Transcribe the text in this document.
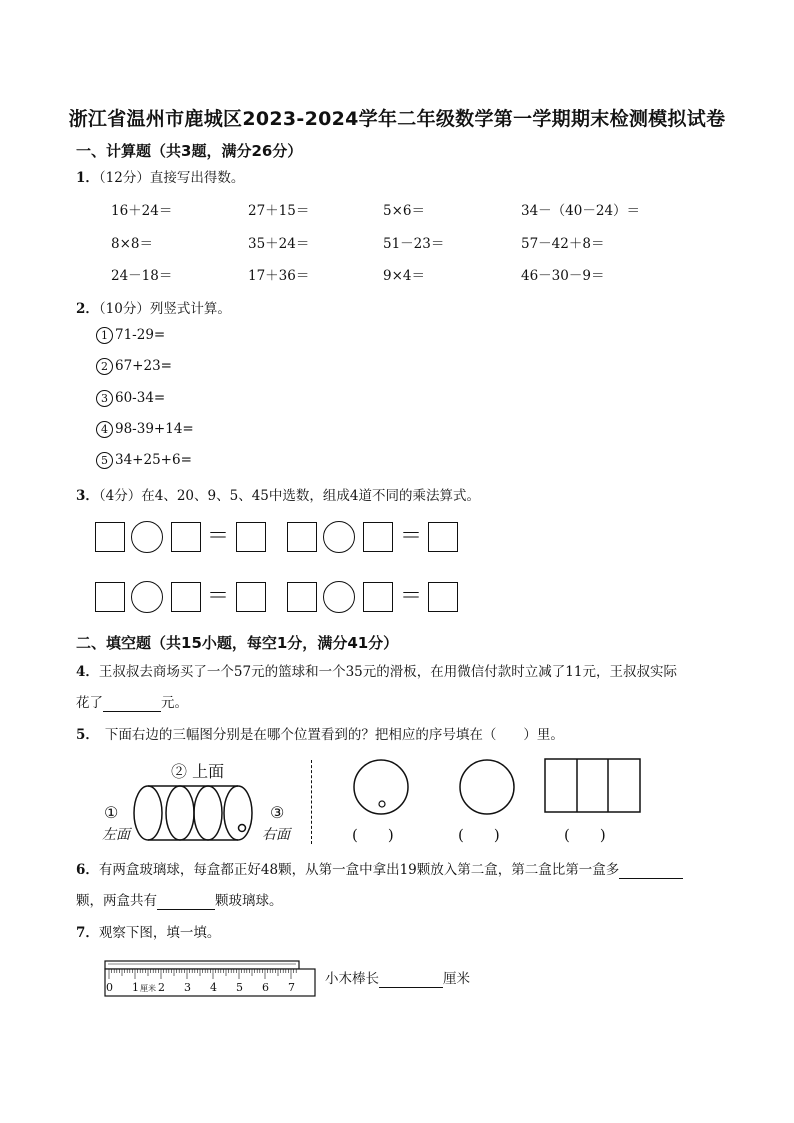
浙江省温州市鹿城区2023-2024学年二年级数学第一学期期末检测模拟试卷
一、计算题（共3题，满分26分）
1．（12分）直接写出得数。
16＋24＝	27＋15＝	5×6＝	34－（40－24）＝
8×8＝	35＋24＝	51－23＝	57－42＋8＝
24－18＝	17＋36＝	9×4＝	46－30－9＝
2．（10分）列竖式计算。
1 71-29=
2 67+23=
3 60-34=
4 98-39+14=
5 34+25+6=
3．（4分）在4、20、9、5、45中选数，组成4道不同的乘法算式。
＝	＝
＝	＝
二、填空题（共15小题，每空1分，满分41分）
4．王叔叔去商场买了一个57元的篮球和一个35元的滑板，在用微信付款时立减了11元，王叔叔实际
花了	元。
5． 下面右边的三幅图分别是在哪个位置看到的？把相应的序号填在（　　）里。
② 上面
①
左面
③
右面	(　　)	(　　)	(　　)
6．有两盒玻璃球，每盒都正好48颗，从第一盒中拿出19颗放入第二盒，第二盒比第一盒多
颗，两盒共有	颗玻璃球。
7．观察下图，填一填。
0 1 厘米 2 3 4 5 6 7
小木棒长	厘米
